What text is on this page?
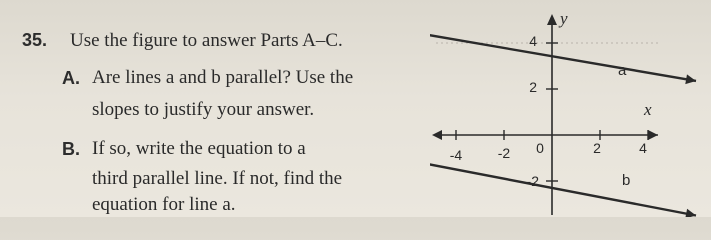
35. Use the figure to answer Parts A–C.
A. Are lines a and b parallel? Use the
slopes to justify your answer.
B. If so, write the equation to a
third parallel line. If not, find the
equation for line a.
y
x
4
2
-2
-4	-2 0	2	4
a
b
